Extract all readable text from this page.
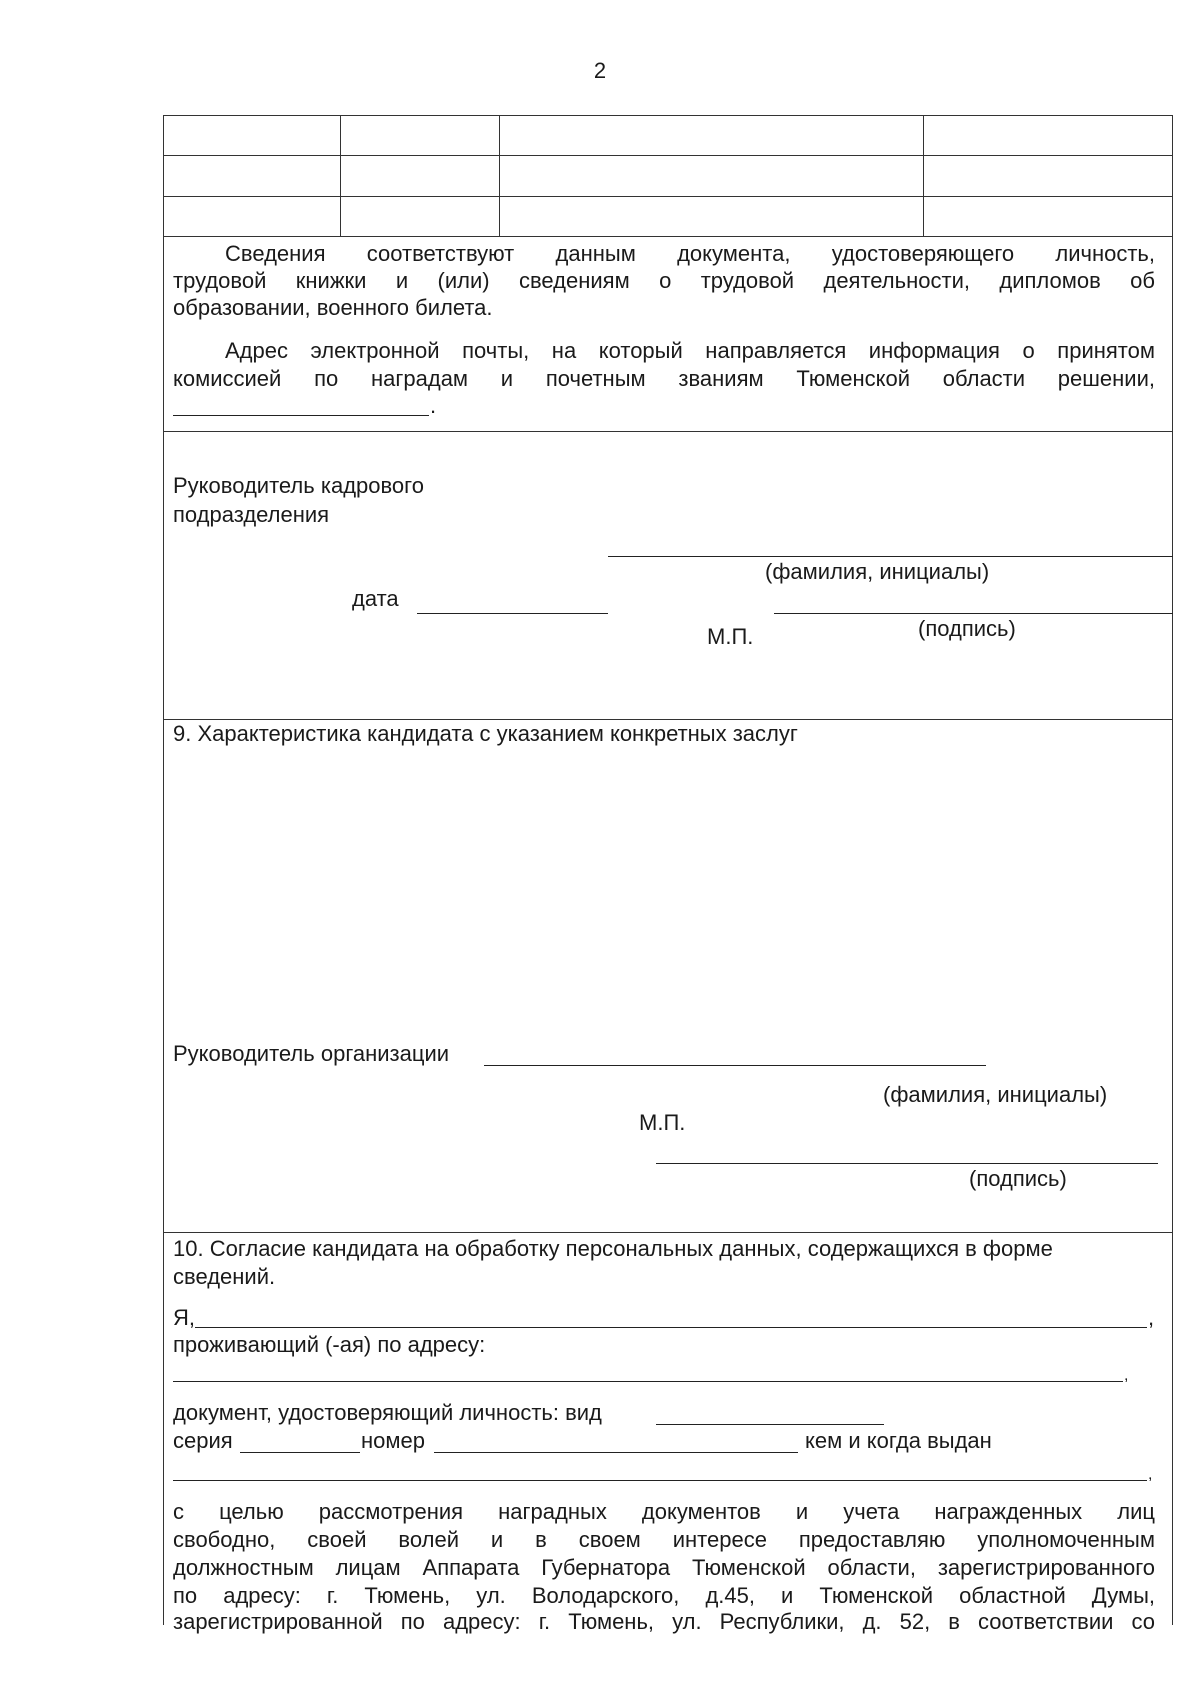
2
Сведения соответствуют данным документа, удостоверяющего личность,
трудовой книжки и (или) сведениям о трудовой деятельности, дипломов об
образовании, военного билета.
Адрес электронной почты, на который направляется информация о принятом
комиссией по наградам и почетным званиям Тюменской области решении,
.
Руководитель кадрового
подразделения
(фамилия, инициалы)
дата
(подпись)
М.П.
9. Характеристика кандидата с указанием конкретных заслуг
Руководитель организации
(фамилия, инициалы)
М.П.
(подпись)
10. Согласие кандидата на обработку персональных данных, содержащихся в форме
сведений.
Я,	,
проживающий (-ая) по адресу:
,
документ, удостоверяющий личность: вид
серия	номер	кем и когда выдан
,
с целью рассмотрения наградных документов и учета награжденных лиц
свободно, своей волей и в своем интересе предоставляю уполномоченным
должностным лицам Аппарата Губернатора Тюменской области, зарегистрированного
по адресу: г. Тюмень, ул. Володарского, д.45, и Тюменской областной Думы,
зарегистрированной по адресу: г. Тюмень, ул. Республики, д. 52, в соответствии со
